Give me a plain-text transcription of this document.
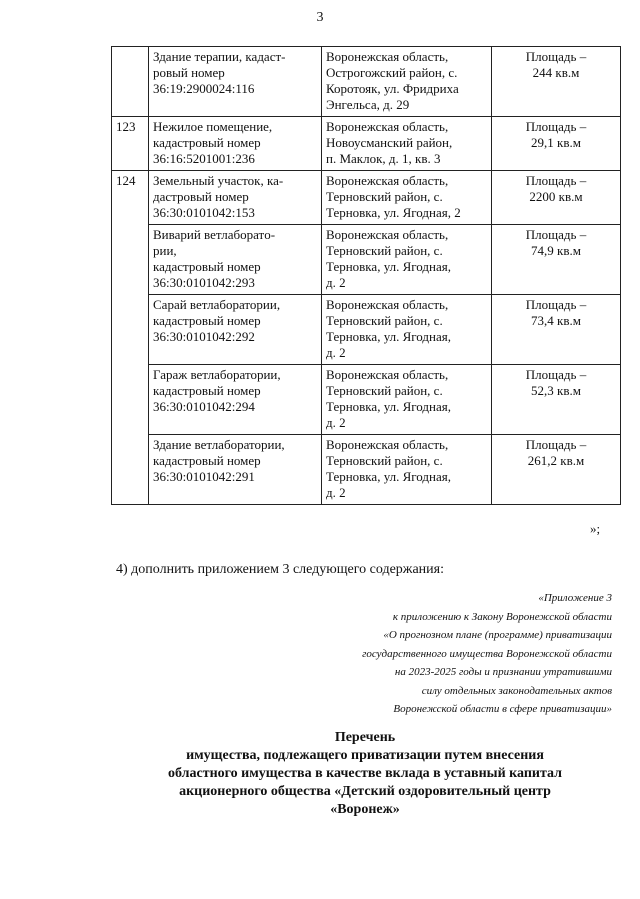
3
	Здание терапии, кадаст-
ровый номер
36:19:2900024:116	Воронежская область,
Острогожский район, с.
Коротояк, ул. Фридриха
Энгельса, д. 29	Площадь –
244 кв.м
123	Нежилое помещение,
кадастровый номер
36:16:5201001:236	Воронежская область,
Новоусманский район,
п. Маклок, д. 1, кв. 3	Площадь –
29,1 кв.м
124	Земельный участок, ка-
дастровый номер
36:30:0101042:153	Воронежская область,
Терновский район, с.
Терновка, ул. Ягодная, 2	Площадь –
2200 кв.м
	Виварий ветлаборатo-
рии,
кадастровый номер
36:30:0101042:293	Воронежская область,
Терновский район, с.
Терновка, ул. Ягодная,
д. 2	Площадь –
74,9 кв.м
	Сарай ветлаборатории,
кадастровый номер
36:30:0101042:292	Воронежская область,
Терновский район, с.
Терновка, ул. Ягодная,
д. 2	Площадь –
73,4 кв.м
	Гараж ветлаборатории,
кадастровый номер
36:30:0101042:294	Воронежская область,
Терновский район, с.
Терновка, ул. Ягодная,
д. 2	Площадь –
52,3 кв.м
	Здание ветлаборатории,
кадастровый номер
36:30:0101042:291	Воронежская область,
Терновский район, с.
Терновка, ул. Ягодная,
д. 2	Площадь –
261,2 кв.м
»;
4) дополнить приложением 3 следующего содержания:
«Приложение 3
к приложению к Закону Воронежской области
«О прогнозном плане (программе) приватизации
государственного имущества Воронежской области
на 2023-2025 годы и признании утратившими
силу отдельных законодательных актов
Воронежской области в сфере приватизации»
Перечень
имущества, подлежащего приватизации путем внесения
областного имущества в качестве вклада в уставный капитал
акционерного общества «Детский оздоровительный центр
«Воронеж»
